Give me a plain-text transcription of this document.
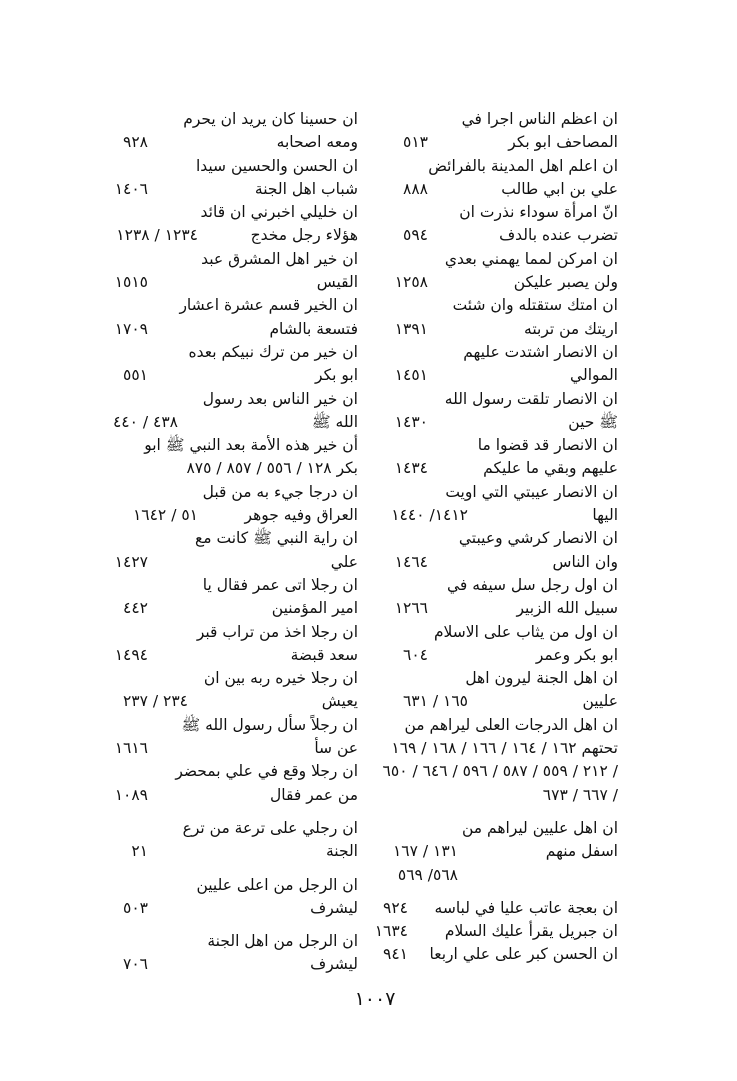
ان اعظم الناس اجرا في
المصاحف ابو بكر
٥١٣
ان اعلم اهل المدينة بالفرائض
علي بن ابي طالب
٨٨٨
انّ امرأة سوداء نذرت ان
تضرب عنده بالدف
٥٩٤
ان امركن لمما يهمني بعدي
ولن يصبر عليكن
١٢٥٨
ان امتك ستقتله وان شئت
اريتك من تربته
١٣٩١
ان الانصار اشتدت عليهم
الموالي
١٤٥١
ان الانصار تلقت رسول الله
ﷺ حين
١٤٣٠
ان الانصار قد قضوا ما
عليهم وبقي ما عليكم
١٤٣٤
ان الانصار عيبتي التي اويت
اليها
١٤١٢/ ١٤٤٠
ان الانصار كرشي وعيبتي
وان الناس
١٤٦٤
ان اول رجل سل سيفه في
سبيل الله الزبير
١٢٦٦
ان اول من يثاب على الاسلام
ابو بكر وعمر
٦٠٤
ان اهل الجنة ليرون اهل
عليين
١٦٥ / ٦٣١
ان اهل الدرجات العلى ليراهم من
تحتهم ١٦٢ / ١٦٤ / ١٦٦ / ١٦٨ / ١٦٩
/ ٢١٢ / ٥٥٩ / ٥٨٧ / ٥٩٦ / ٦٤٦ / ٦٥٠
/ ٦٦٧ / ٦٧٣
ان اهل عليين ليراهم من
اسفل منهم
١٣١ / ١٦٧
٥٦٨/ ٥٦٩
ان بعجة عاتب عليا في لباسه
٩٢٤
ان جبريل يقرأ عليك السلام
١٦٣٤
ان الحسن كبر على علي اربعا
٩٤١
ان حسينا كان يريد ان يحرم
ومعه اصحابه
٩٢٨
ان الحسن والحسين سيدا
شباب اهل الجنة
١٤٠٦
ان خليلي اخبرني ان قائد
هؤلاء رجل مخدج
١٢٣٤ / ١٢٣٨
ان خير اهل المشرق عبد
القيس
١٥١٥
ان الخير قسم عشرة اعشار
فتسعة بالشام
١٧٠٩
ان خير من ترك نبيكم بعده
ابو بكر
٥٥١
ان خير الناس بعد رسول
الله ﷺ
٤٣٨ / ٤٤٠
أن خير هذه الأمة بعد النبي ﷺ ابو
بكر ١٢٨ / ٥٥٦ / ٨٥٧ / ٨٧٥
ان درجا جيء به من قبل
العراق وفيه جوهر
٥١ / ١٦٤٢
ان راية النبي ﷺ كانت مع
علي
١٤٢٧
ان رجلا اتى عمر فقال يا
امير المؤمنين
٤٤٢
ان رجلا اخذ من تراب قبر
سعد قبضة
١٤٩٤
ان رجلا خيره ربه بين ان
يعيش
٢٣٤ / ٢٣٧
ان رجلاً سأل رسول الله ﷺ
عن سأ
١٦١٦
ان رجلا وقع في علي بمحضر
من عمر فقال
١٠٨٩
ان رجلي على ترعة من ترع
الجنة
٢١
ان الرجل من اعلى عليين
ليشرف
٥٠٣
ان الرجل من اهل الجنة
ليشرف
٧٠٦
١٠٠٧
